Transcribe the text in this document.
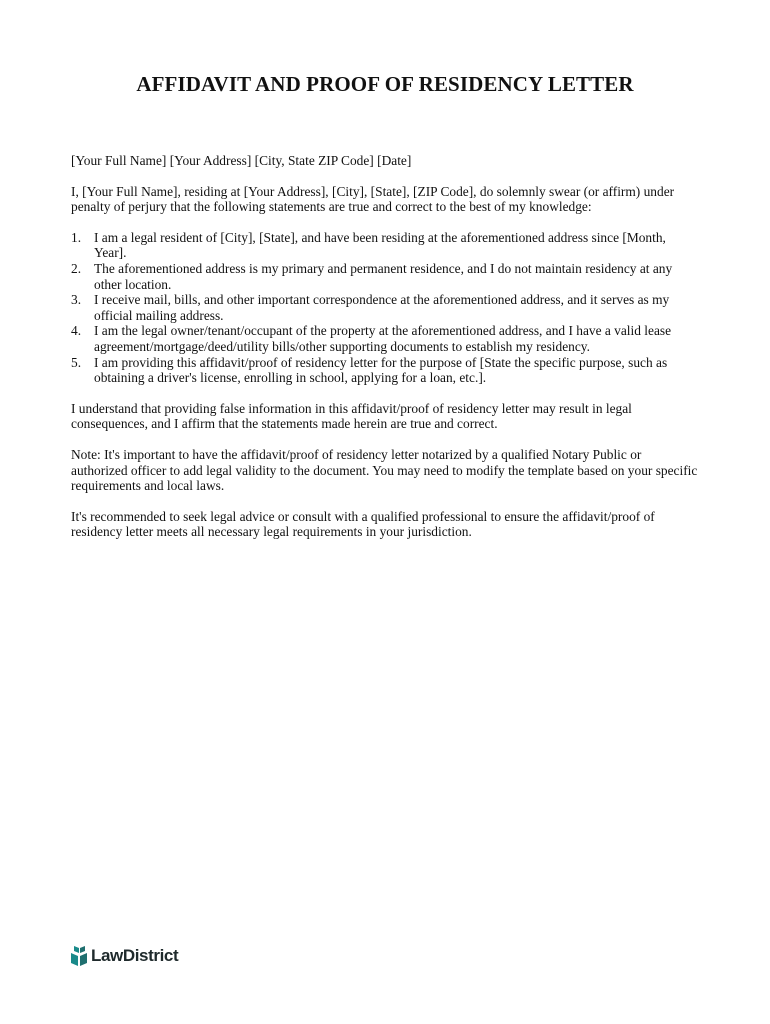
AFFIDAVIT AND PROOF OF RESIDENCY LETTER

[Your Full Name] [Your Address] [City, State ZIP Code] [Date]

I, [Your Full Name], residing at [Your Address], [City], [State], [ZIP Code], do solemnly swear (or affirm) under penalty of perjury that the following statements are true and correct to the best of my knowledge:

1. I am a legal resident of [City], [State], and have been residing at the aforementioned address since [Month, Year].
2. The aforementioned address is my primary and permanent residence, and I do not maintain residency at any other location.
3. I receive mail, bills, and other important correspondence at the aforementioned address, and it serves as my official mailing address.
4. I am the legal owner/tenant/occupant of the property at the aforementioned address, and I have a valid lease agreement/mortgage/deed/utility bills/other supporting documents to establish my residency.
5. I am providing this affidavit/proof of residency letter for the purpose of [State the specific purpose, such as obtaining a driver's license, enrolling in school, applying for a loan, etc.].

I understand that providing false information in this affidavit/proof of residency letter may result in legal consequences, and I affirm that the statements made herein are true and correct.

Note: It's important to have the affidavit/proof of residency letter notarized by a qualified Notary Public or authorized officer to add legal validity to the document. You may need to modify the template based on your specific requirements and local laws.

It's recommended to seek legal advice or consult with a qualified professional to ensure the affidavit/proof of residency letter meets all necessary legal requirements in your jurisdiction.

LawDistrict
